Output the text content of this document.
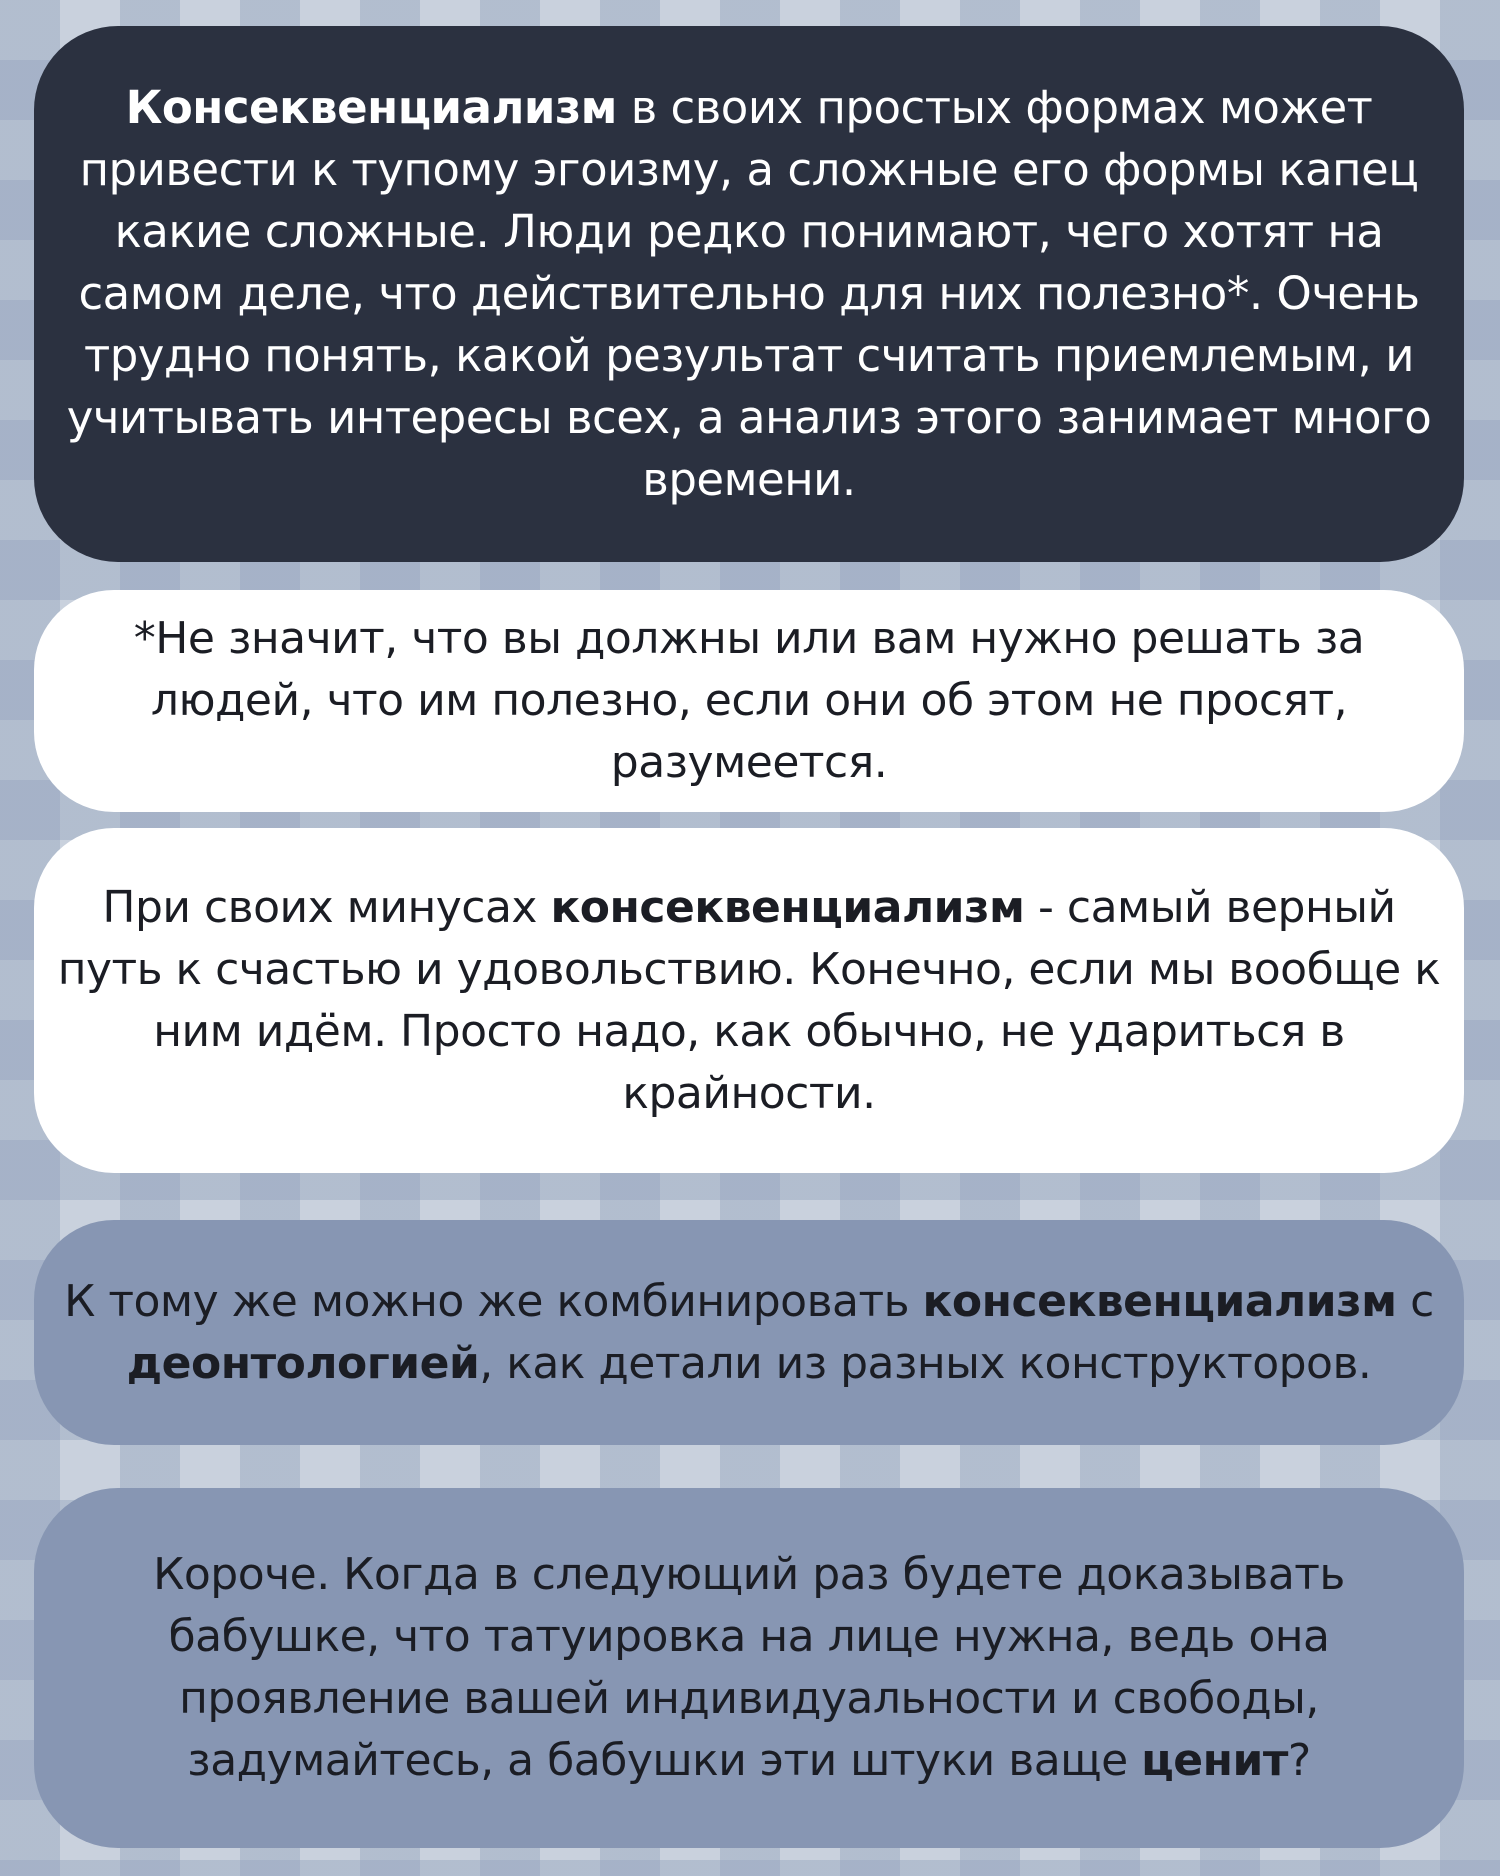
Консеквенциализм в своих простых формах может привести к тупому эгоизму, а сложные его формы капец какие сложные. Люди редко понимают, чего хотят на самом деле, что действительно для них полезно*. Очень трудно понять, какой результат считать приемлемым, и учитывать интересы всех, а анализ этого занимает много времени.

*Не значит, что вы должны или вам нужно решать за людей, что им полезно, если они об этом не просят, разумеется.

При своих минусах консеквенциализм - самый верный путь к счастью и удовольствию. Конечно, если мы вообще к ним идём. Просто надо, как обычно, не удариться в крайности.

К тому же можно же комбинировать консеквенциализм с деонтологией, как детали из разных конструкторов.

Короче. Когда в следующий раз будете доказывать бабушке, что татуировка на лице нужна, ведь она проявление вашей индивидуальности и свободы, задумайтесь, а бабушки эти штуки ваще ценит?
